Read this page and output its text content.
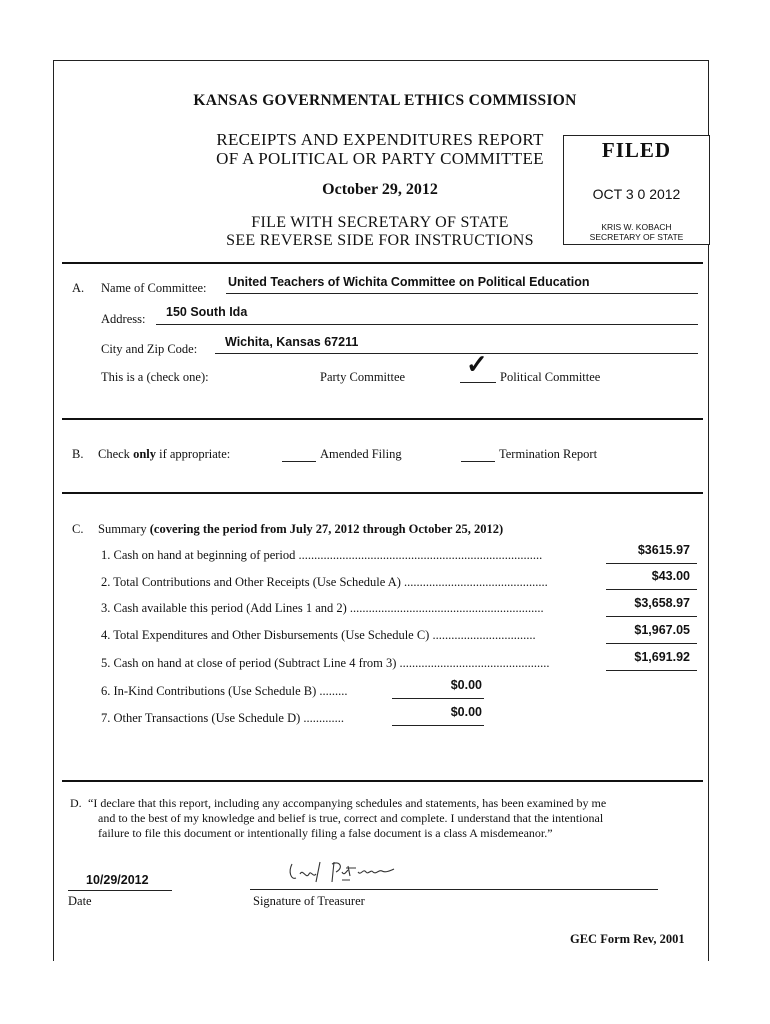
KANSAS GOVERNMENTAL ETHICS COMMISSION
RECEIPTS AND EXPENDITURES REPORT
OF A POLITICAL OR PARTY COMMITTEE
October 29, 2012
FILE WITH SECRETARY OF STATE
SEE REVERSE SIDE FOR INSTRUCTIONS
FILED
OCT 3 0 2012
KRIS W. KOBACH
SECRETARY OF STATE
A. Name of Committee: United Teachers of Wichita Committee on Political Education
Address: 150 South Ida
City and Zip Code: Wichita, Kansas 67211
This is a (check one):	Party Committee ✓ Political Committee
B. Check only if appropriate:	Amended Filing	Termination Report
C. Summary (covering the period from July 27, 2012 through October 25, 2012)
1. Cash on hand at beginning of period ..............................................................................	$3615.97
2. Total Contributions and Other Receipts (Use Schedule A) ..............................................	$43.00
3. Cash available this period (Add Lines 1 and 2) ..............................................................	$3,658.97
4. Total Expenditures and Other Disbursements (Use Schedule C) .................................	$1,967.05
5. Cash on hand at close of period (Subtract Line 4 from 3) ................................................	$1,691.92
6. In-Kind Contributions (Use Schedule B) .........	$0.00
7. Other Transactions (Use Schedule D) .............	$0.00
D. “I declare that this report, including any accompanying schedules and statements, has been examined by me
and to the best of my knowledge and belief is true, correct and complete. I understand that the intentional
failure to file this document or intentionally filing a false document is a class A misdemeanor.”
10/29/2012
Date	Signature of Treasurer
GEC Form Rev, 2001
